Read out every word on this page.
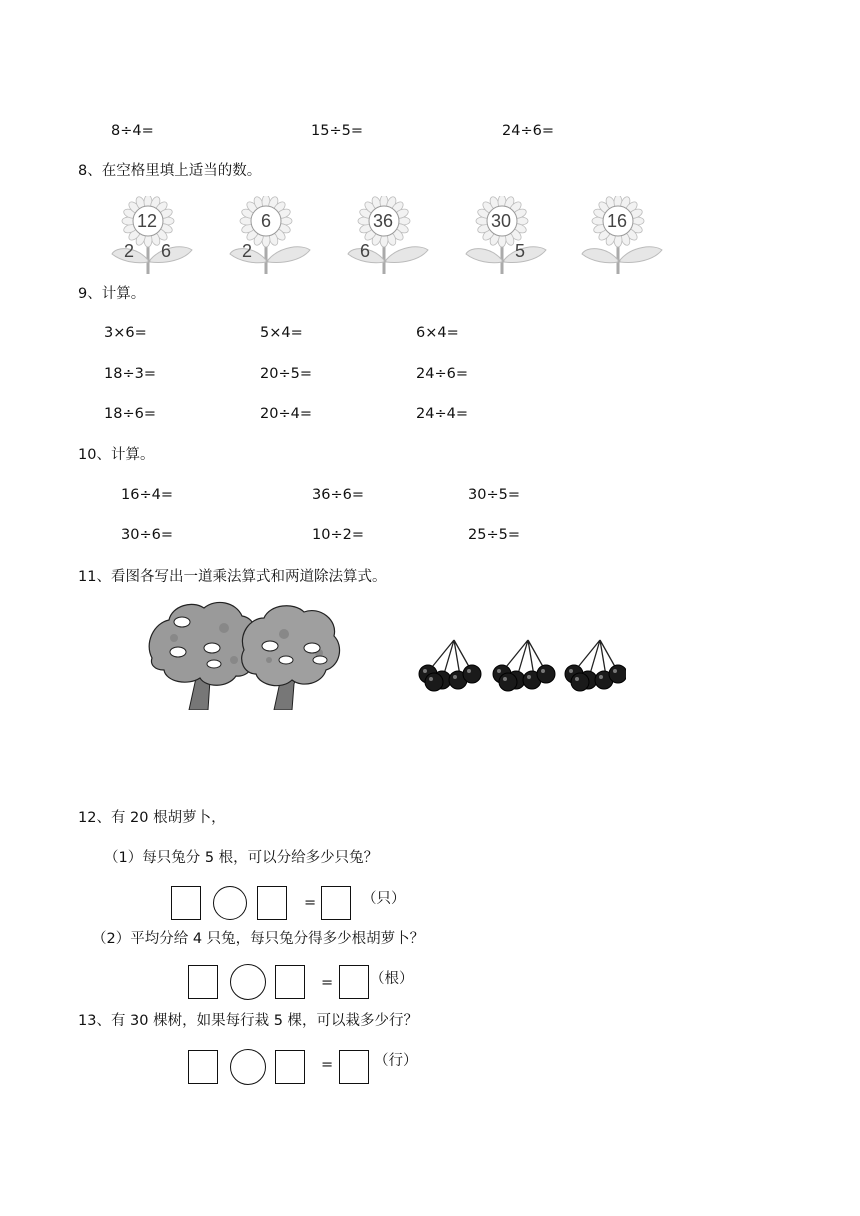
8÷4=	15÷5=	24÷6=
8、在空格里填上适当的数。
12
2 6
6
2
36
6
30
5
16
9、计算。
3×6=	5×4=	6×4=
18÷3=	20÷5=	24÷6=
18÷6=	20÷4=	24÷4=
10、计算。
16÷4=	36÷6=	30÷5=
30÷6=	10÷2=	25÷5=
11、看图各写出一道乘法算式和两道除法算式。
12、有 20 根胡萝卜，
（1）每只兔分 5 根，可以分给多少只兔？
=	（只）
（2）平均分给 4 只兔，每只兔分得多少根胡萝卜？
=	（根）
13、有 30 棵树，如果每行栽 5 棵，可以栽多少行？
=	（行）
